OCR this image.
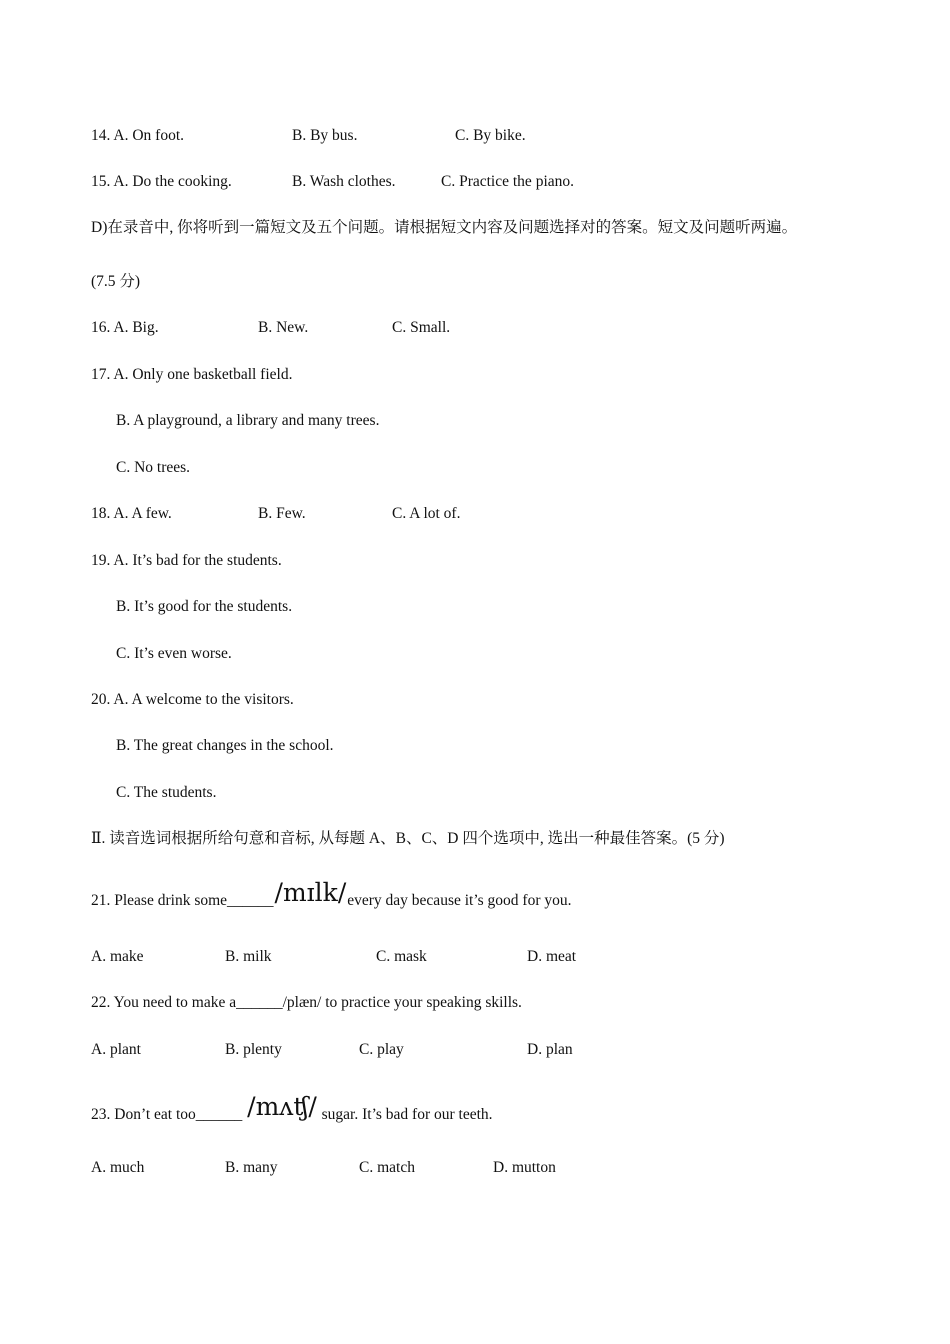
14. A. On foot.	B. By bus.	C. By bike.
15. A. Do the cooking.	B. Wash clothes.	C. Practice the piano.
D)在录音中, 你将听到一篇短文及五个问题。请根据短文内容及问题选择对的答案。短文及问题听两遍。
(7.5 分)
16. A. Big.	B. New.	C. Small.
17. A. Only one basketball field.
B. A playground, a library and many trees.
C. No trees.
18. A. A few.	B. Few.	C. A lot of.
19. A. It’s bad for the students.
B. It’s good for the students.
C. It’s even worse.
20. A. A welcome to the visitors.
B. The great changes in the school.
C. The students.
Ⅱ. 读音选词根据所给句意和音标, 从每题 A、B、C、D 四个选项中, 选出一种最佳答案。(5 分)
21. Please drink some______/mɪlk/every day because it’s good for you.
A. make	B. milk	C. mask	D. meat
22. You need to make a______/plæn/ to practice your speaking skills.
A. plant	B. plenty	C. play	D. plan
23. Don’t eat too______ /mʌʧ/ sugar. It’s bad for our teeth.
A. much	B. many	C. match	D. mutton
